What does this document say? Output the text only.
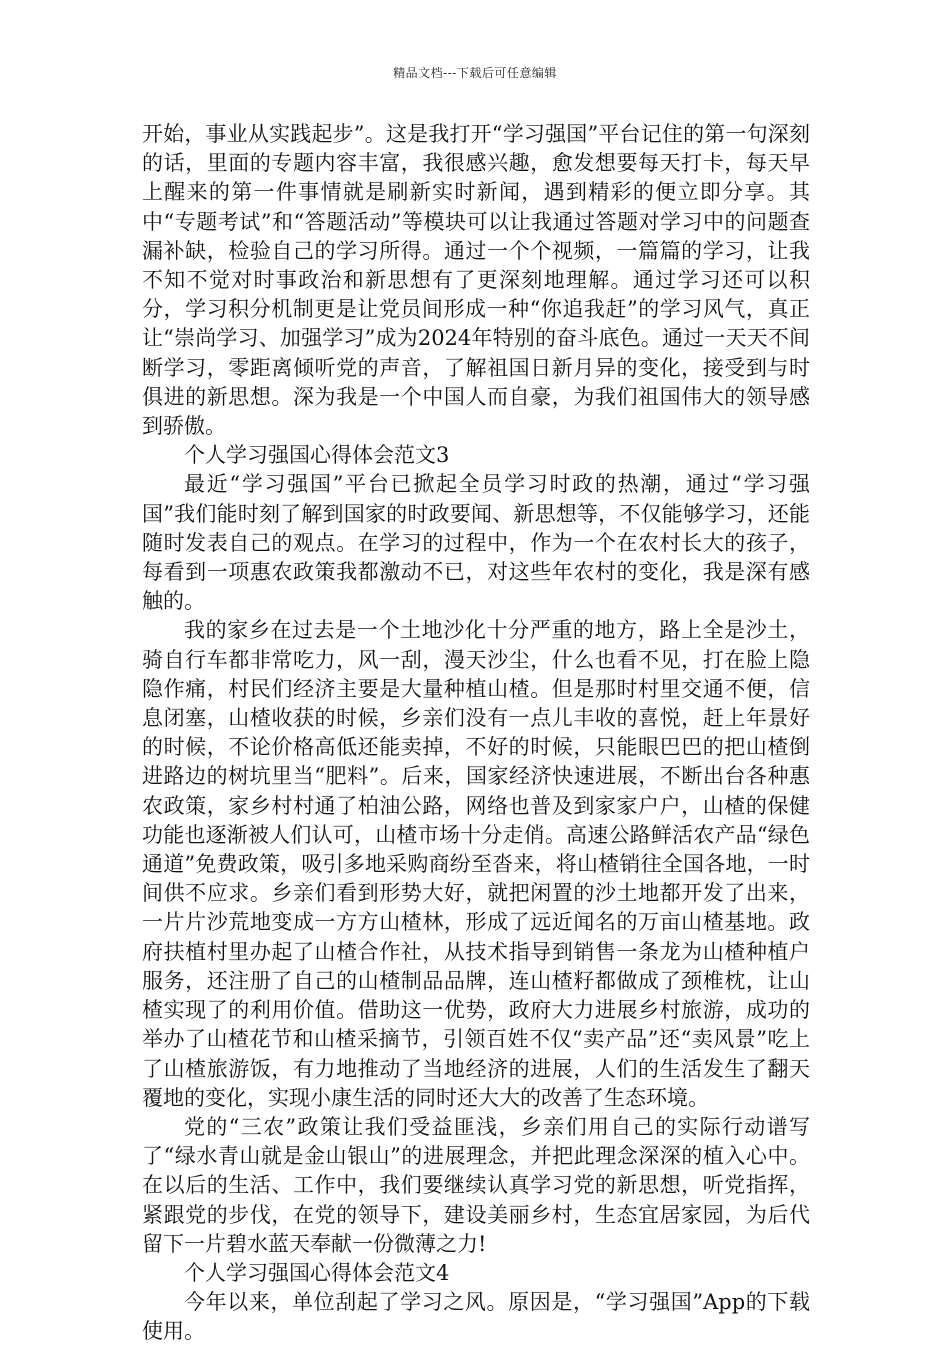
精品文档---下载后可任意编辑

开始，事业从实践起步”。这是我打开“学习强国”平台记住的第一句深刻的话，里面的专题内容丰富，我很感兴趣，愈发想要每天打卡，每天早上醒来的第一件事情就是刷新实时新闻，遇到精彩的便立即分享。其中“专题考试”和“答题活动”等模块可以让我通过答题对学习中的问题查漏补缺，检验自己的学习所得。通过一个个视频，一篇篇的学习，让我不知不觉对时事政治和新思想有了更深刻地理解。通过学习还可以积分，学习积分机制更是让党员间形成一种“你追我赶”的学习风气，真正让“崇尚学习、加强学习”成为2024年特别的奋斗底色。通过一天天不间断学习，零距离倾听党的声音，了解祖国日新月异的变化，接受到与时俱进的新思想。深为我是一个中国人而自豪，为我们祖国伟大的领导感到骄傲。

个人学习强国心得体会范文3

最近“学习强国”平台已掀起全员学习时政的热潮，通过“学习强国”我们能时刻了解到国家的时政要闻、新思想等，不仅能够学习，还能随时发表自己的观点。在学习的过程中，作为一个在农村长大的孩子，每看到一项惠农政策我都激动不已，对这些年农村的变化，我是深有感触的。

我的家乡在过去是一个土地沙化十分严重的地方，路上全是沙土，骑自行车都非常吃力，风一刮，漫天沙尘，什么也看不见，打在脸上隐隐作痛，村民们经济主要是大量种植山楂。但是那时村里交通不便，信息闭塞，山楂收获的时候，乡亲们没有一点儿丰收的喜悦，赶上年景好的时候，不论价格高低还能卖掉，不好的时候，只能眼巴巴的把山楂倒进路边的树坑里当“肥料”。后来，国家经济快速进展，不断出台各种惠农政策，家乡村村通了柏油公路，网络也普及到家家户户，山楂的保健功能也逐渐被人们认可，山楂市场十分走俏。高速公路鲜活农产品“绿色通道”免费政策，吸引多地采购商纷至沓来，将山楂销往全国各地，一时间供不应求。乡亲们看到形势大好，就把闲置的沙土地都开发了出来，一片片沙荒地变成一方方山楂林，形成了远近闻名的万亩山楂基地。政府扶植村里办起了山楂合作社，从技术指导到销售一条龙为山楂种植户服务，还注册了自己的山楂制品品牌，连山楂籽都做成了颈椎枕，让山楂实现了的利用价值。借助这一优势，政府大力进展乡村旅游，成功的举办了山楂花节和山楂采摘节，引领百姓不仅“卖产品”还“卖风景”吃上了山楂旅游饭，有力地推动了当地经济的进展，人们的生活发生了翻天覆地的变化，实现小康生活的同时还大大的改善了生态环境。

党的“三农”政策让我们受益匪浅，乡亲们用自己的实际行动谱写了“绿水青山就是金山银山”的进展理念，并把此理念深深的植入心中。在以后的生活、工作中，我们要继续认真学习党的新思想，听党指挥，紧跟党的步伐，在党的领导下，建设美丽乡村，生态宜居家园，为后代留下一片碧水蓝天奉献一份微薄之力!

个人学习强国心得体会范文4

今年以来，单位刮起了学习之风。原因是，“学习强国”App的下载使用。
